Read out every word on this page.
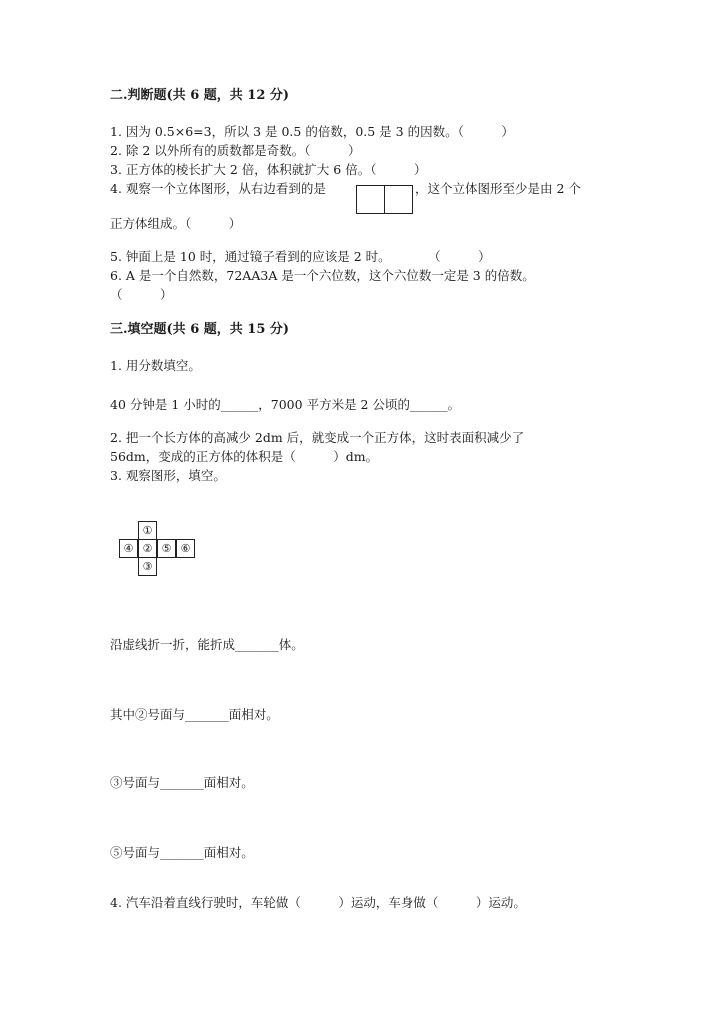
二.判断题(共 6 题，共 12 分)
1. 因为 0.5×6=3，所以 3 是 0.5 的倍数，0.5 是 3 的因数。（　　　）
2. 除 2 以外所有的质数都是奇数。（　　　）
3. 正方体的棱长扩大 2 倍，体积就扩大 6 倍。（　　　）
4. 观察一个立体图形，从右边看到的是	，这个立体图形至少是由 2 个
正方体组成。（　　　）
5. 钟面上是 10 时，通过镜子看到的应该是 2 时。　　　　（　　　）
6. A 是一个自然数，72AA3A 是一个六位数，这个六位数一定是 3 的倍数。
（　　　）
三.填空题(共 6 题，共 15 分)
1. 用分数填空。
40 分钟是 1 小时的______，7000 平方米是 2 公顷的______。
2. 把一个长方体的高减少 2dm 后，就变成一个正方体，这时表面积减少了
56dm，变成的正方体的体积是（　　　）dm。
3. 观察图形，填空。
①
④ ② ⑤ ⑥
③
沿虚线折一折，能折成_______体。
其中②号面与_______面相对。
③号面与_______面相对。
⑤号面与_______面相对。
4. 汽车沿着直线行驶时，车轮做（　　　）运动，车身做（　　　）运动。
